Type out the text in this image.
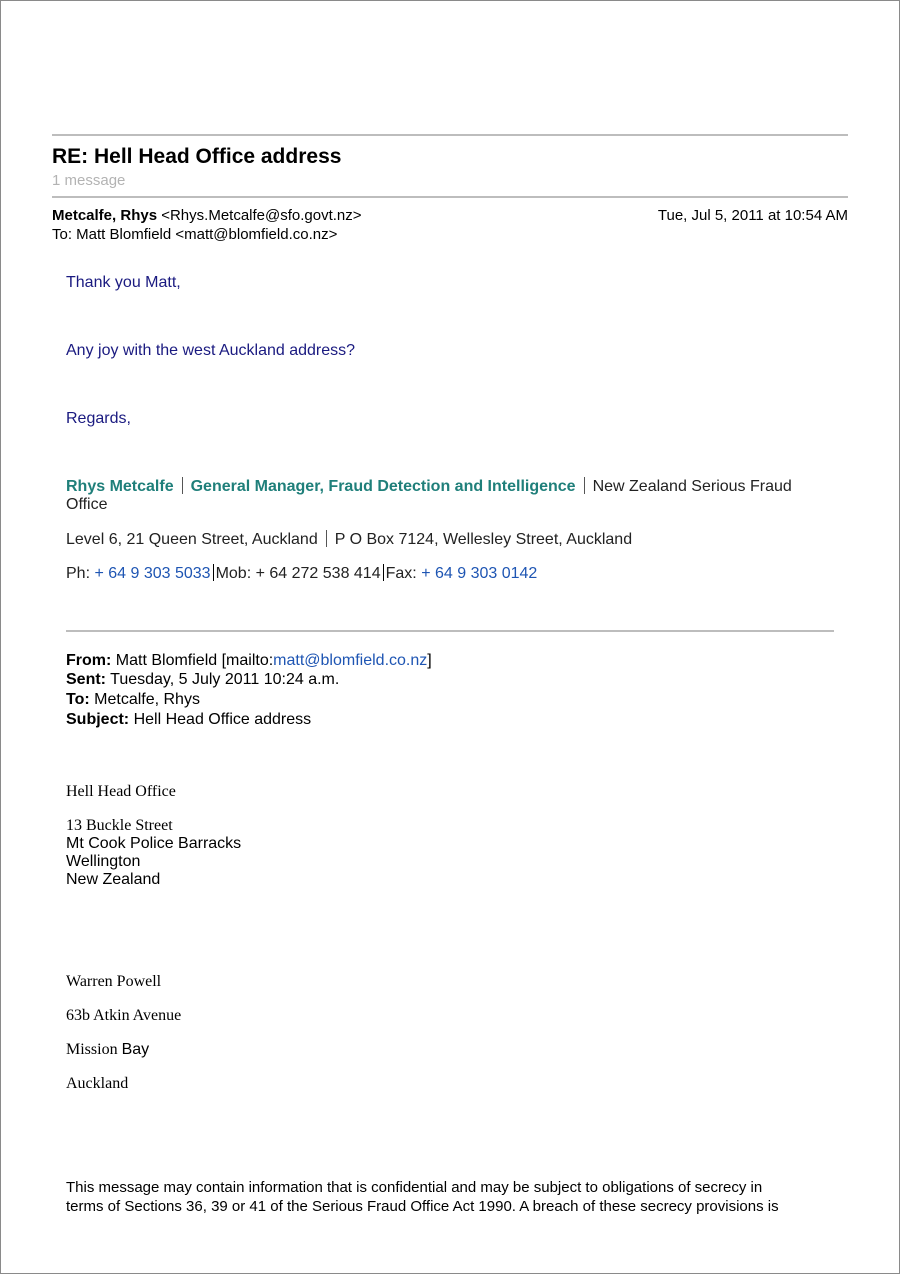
RE: Hell Head Office address
1 message
Metcalfe, Rhys <Rhys.Metcalfe@sfo.govt.nz>	Tue, Jul 5, 2011 at 10:54 AM
To: Matt Blomfield <matt@blomfield.co.nz>
Thank you Matt,
Any joy with the west Auckland address?
Regards,
Rhys Metcalfe General Manager, Fraud Detection and Intelligence New Zealand Serious Fraud
Office
Level 6, 21 Queen Street, Auckland P O Box 7124, Wellesley Street, Auckland
Ph: + 64 9 303 5033 Mob: + 64 272 538 414 Fax: + 64 9 303 0142
From: Matt Blomfield [mailto:matt@blomfield.co.nz]
Sent: Tuesday, 5 July 2011 10:24 a.m.
To: Metcalfe, Rhys
Subject: Hell Head Office address
Hell Head Office
13 Buckle Street
Mt Cook Police Barracks
Wellington
New Zealand
Warren Powell
63b Atkin Avenue
Mission Bay
Auckland
This message may contain information that is confidential and may be subject to obligations of secrecy in
terms of Sections 36, 39 or 41 of the Serious Fraud Office Act 1990. A breach of these secrecy provisions is
